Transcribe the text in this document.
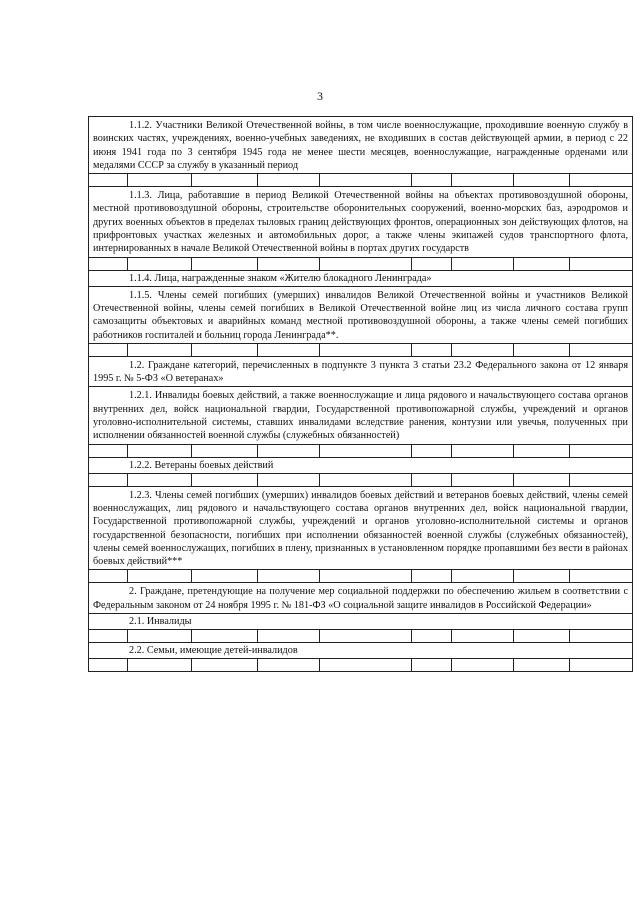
3
1.1.2. Участники Великой Отечественной войны, в том числе военнослужащие, проходившие военную службу в воинских частях, учреждениях, военно-учебных заведениях, не входивших в состав действующей армии, в период с 22 июня 1941 года по 3 сентября 1945 года не менее шести месяцев, военнослужащие, награжденные орденами или медалями СССР за службу в указанный период
1.1.3. Лица, работавшие в период Великой Отечественной войны на объектах противовоздушной обороны, местной противовоздушной обороны, строительстве оборонительных сооружений, военно-морских баз, аэродромов и других военных объектов в пределах тыловых границ действующих фронтов, операционных зон действующих флотов, на прифронтовых участках железных и автомобильных дорог, а также члены экипажей судов транспортного флота, интернированных в начале Великой Отечественной войны в портах других государств
1.1.4. Лица, награжденные знаком «Жителю блокадного Ленинграда»
1.1.5. Члены семей погибших (умерших) инвалидов Великой Отечественной войны и участников Великой Отечественной войны, члены семей погибших в Великой Отечественной войне лиц из числа личного состава групп самозащиты объектовых и аварийных команд местной противовоздушной обороны, а также члены семей погибших работников госпиталей и больниц города Ленинграда**.
1.2. Граждане категорий, перечисленных в подпункте 3 пункта 3 статьи 23.2 Федерального закона от 12 января 1995 г. № 5-ФЗ «О ветеранах»
1.2.1. Инвалиды боевых действий, а также военнослужащие и лица рядового и начальствующего состава органов внутренних дел, войск национальной гвардии, Государственной противопожарной службы, учреждений и органов уголовно-исполнительной системы, ставших инвалидами вследствие ранения, контузии или увечья, полученных при исполнении обязанностей военной службы (служебных обязанностей)
1.2.2. Ветераны боевых действий
1.2.3. Члены семей погибших (умерших) инвалидов боевых действий и ветеранов боевых действий, члены семей военнослужащих, лиц рядового и начальствующего состава органов внутренних дел, войск национальной гвардии, Государственной противопожарной службы, учреждений и органов уголовно-исполнительной системы и органов государственной безопасности, погибших при исполнении обязанностей военной службы (служебных обязанностей), члены семей военнослужащих, погибших в плену, признанных в установленном порядке пропавшими без вести в районах боевых действий***
2. Граждане, претендующие на получение мер социальной поддержки по обеспечению жильем в соответствии с Федеральным законом от 24 ноября 1995 г. № 181-ФЗ «О социальной защите инвалидов в Российской Федерации»
2.1. Инвалиды
2.2. Семьи, имеющие детей-инвалидов
